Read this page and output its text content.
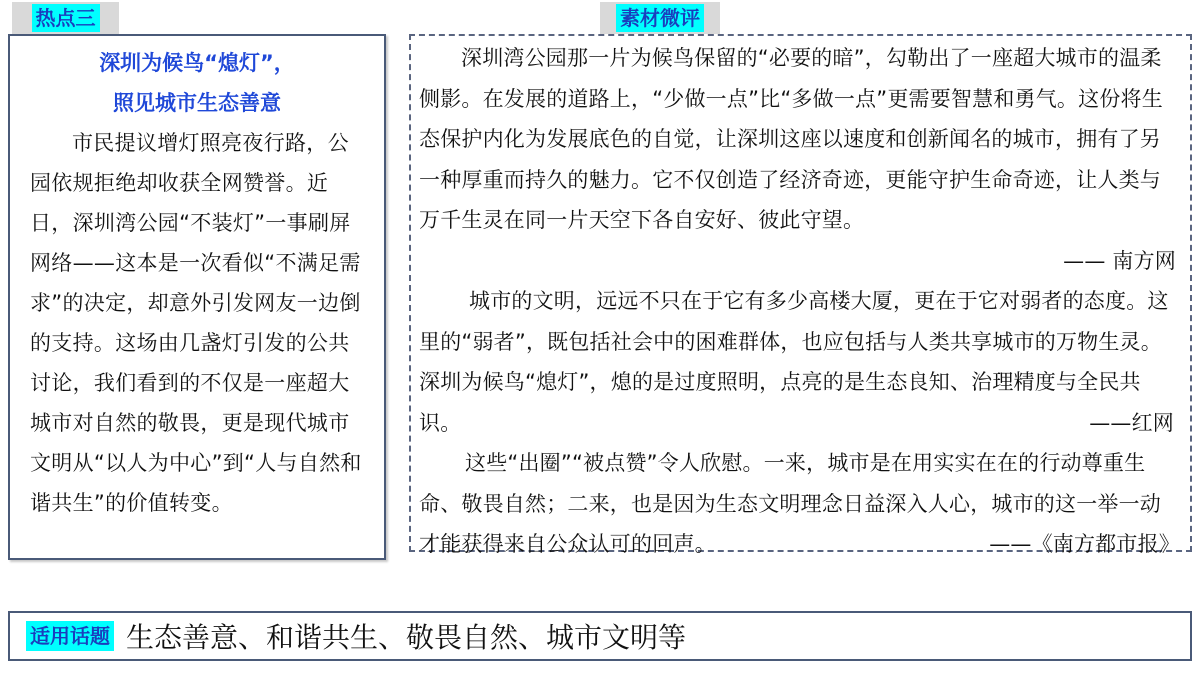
热点三	素材微评
深圳为候鸟“熄灯”，
照见城市生态善意

市民提议增灯照亮夜行路，公园依规拒绝却收获全网赞誉。近日，深圳湾公园“不装灯”一事刷屏网络——这本是一次看似“不满足需求”的决定，却意外引发网友一边倒的支持。这场由几盏灯引发的公共讨论，我们看到的不仅是一座超大城市对自然的敬畏，更是现代城市文明从“以人为中心”到“人与自然和谐共生”的价值转变。

深圳湾公园那一片为候鸟保留的“必要的暗”，勾勒出了一座超大城市的温柔侧影。在发展的道路上，“少做一点”比“多做一点”更需要智慧和勇气。这份将生态保护内化为发展底色的自觉，让深圳这座以速度和创新闻名的城市，拥有了另一种厚重而持久的魅力。它不仅创造了经济奇迹，更能守护生命奇迹，让人类与万千生灵在同一片天空下各自安好、彼此守望。

—— 南方网

城市的文明，远远不只在于它有多少高楼大厦，更在于它对弱者的态度。这里的“弱者”，既包括社会中的困难群体，也应包括与人类共享城市的万物生灵。深圳为候鸟“熄灯”，熄的是过度照明，点亮的是生态良知、治理精度与全民共识。	——红网

这些“出圈”“被点赞”令人欣慰。一来，城市是在用实实在在的行动尊重生命、敬畏自然；二来，也是因为生态文明理念日益深入人心，城市的这一举一动才能获得来自公众认可的回声。	——《南方都市报》

适用话题 生态善意、和谐共生、敬畏自然、城市文明等
